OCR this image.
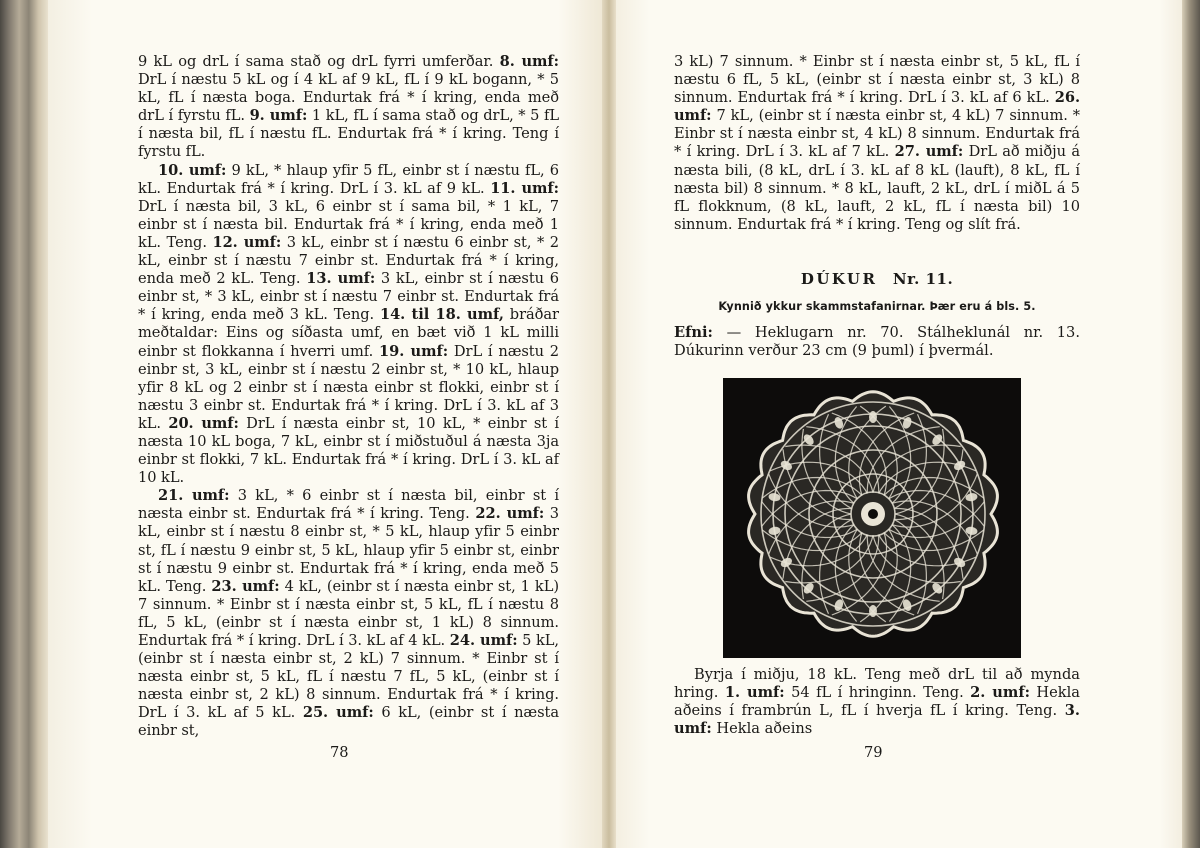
9 kL og drL í sama stað og drL fyrri umferðar. 8. umf: DrL í næstu 5 kL og í 4 kL af 9 kL, fL í 9 kL bogann, * 5 kL, fL í næsta boga. Endurtak frá * í kring, enda með drL í fyrstu fL. 9. umf: 1 kL, fL í sama stað og drL, * 5 fL í næsta bil, fL í næstu fL. Endurtak frá * í kring. Teng í fyrstu fL.

10. umf: 9 kL, * hlaup yfir 5 fL, einbr st í næstu fL, 6 kL. Endurtak frá * í kring. DrL í 3. kL af 9 kL. 11. umf: DrL í næsta bil, 3 kL, 6 einbr st í sama bil, * 1 kL, 7 einbr st í næsta bil. Endurtak frá * í kring, enda með 1 kL. Teng. 12. umf: 3 kL, einbr st í næstu 6 einbr st, * 2 kL, einbr st í næstu 7 einbr st. Endurtak frá * í kring, enda með 2 kL. Teng. 13. umf: 3 kL, einbr st í næstu 6 einbr st, * 3 kL, einbr st í næstu 7 einbr st. Endurtak frá * í kring, enda með 3 kL. Teng. 14. til 18. umf, bráðar meðtaldar: Eins og síðasta umf, en bæt við 1 kL milli einbr st flokkanna í hverri umf. 19. umf: DrL í næstu 2 einbr st, 3 kL, einbr st í næstu 2 einbr st, * 10 kL, hlaup yfir 8 kL og 2 einbr st í næsta einbr st flokki, einbr st í næstu 3 einbr st. Endurtak frá * í kring. DrL í 3. kL af 3 kL. 20. umf: DrL í næsta einbr st, 10 kL, * einbr st í næsta 10 kL boga, 7 kL, einbr st í miðstuðul á næsta 3ja einbr st flokki, 7 kL. Endurtak frá * í kring. DrL í 3. kL af 10 kL.

21. umf: 3 kL, * 6 einbr st í næsta bil, einbr st í næsta einbr st. Endurtak frá * í kring. Teng. 22. umf: 3 kL, einbr st í næstu 8 einbr st, * 5 kL, hlaup yfir 5 einbr st, fL í næstu 9 einbr st, 5 kL, hlaup yfir 5 einbr st, einbr st í næstu 9 einbr st. Endurtak frá * í kring, enda með 5 kL. Teng. 23. umf: 4 kL, (einbr st í næsta einbr st, 1 kL) 7 sinnum. * Einbr st í næsta einbr st, 5 kL, fL í næstu 8 fL, 5 kL, (einbr st í næsta einbr st, 1 kL) 8 sinnum. Endurtak frá * í kring. DrL í 3. kL af 4 kL. 24. umf: 5 kL, (einbr st í næsta einbr st, 2 kL) 7 sinnum. * Einbr st í næsta einbr st, 5 kL, fL í næstu 7 fL, 5 kL, (einbr st í næsta einbr st, 2 kL) 8 sinnum. Endurtak frá * í kring. DrL í 3. kL af 5 kL. 25. umf: 6 kL, (einbr st í næsta einbr st,

3 kL) 7 sinnum. * Einbr st í næsta einbr st, 5 kL, fL í næstu 6 fL, 5 kL, (einbr st í næsta einbr st, 3 kL) 8 sinnum. Endurtak frá * í kring. DrL í 3. kL af 6 kL. 26. umf: 7 kL, (einbr st í næsta einbr st, 4 kL) 7 sinnum. * Einbr st í næsta einbr st, 4 kL) 8 sinnum. Endurtak frá * í kring. DrL í 3. kL af 7 kL. 27. umf: DrL að miðju á næsta bili, (8 kL, drL í 3. kL af 8 kL (lauft), 8 kL, fL í næsta bil) 8 sinnum. * 8 kL, lauft, 2 kL, drL í miðL á 5 fL flokknum, (8 kL, lauft, 2 kL, fL í næsta bil) 10 sinnum. Endurtak frá * í kring. Teng og slít frá.

DÚKUR Nr. 11.
Kynnið ykkur skammstafanirnar. Þær eru á bls. 5.
Efni: — Heklugarn nr. 70. Stálheklunál nr. 13. Dúkurinn verður 23 cm (9 þuml) í þvermál.

Byrja í miðju, 18 kL. Teng með drL til að mynda hring. 1. umf: 54 fL í hringinn. Teng. 2. umf: Hekla aðeins í frambrún L, fL í hverja fL í kring. Teng. 3. umf: Hekla aðeins

78	79
